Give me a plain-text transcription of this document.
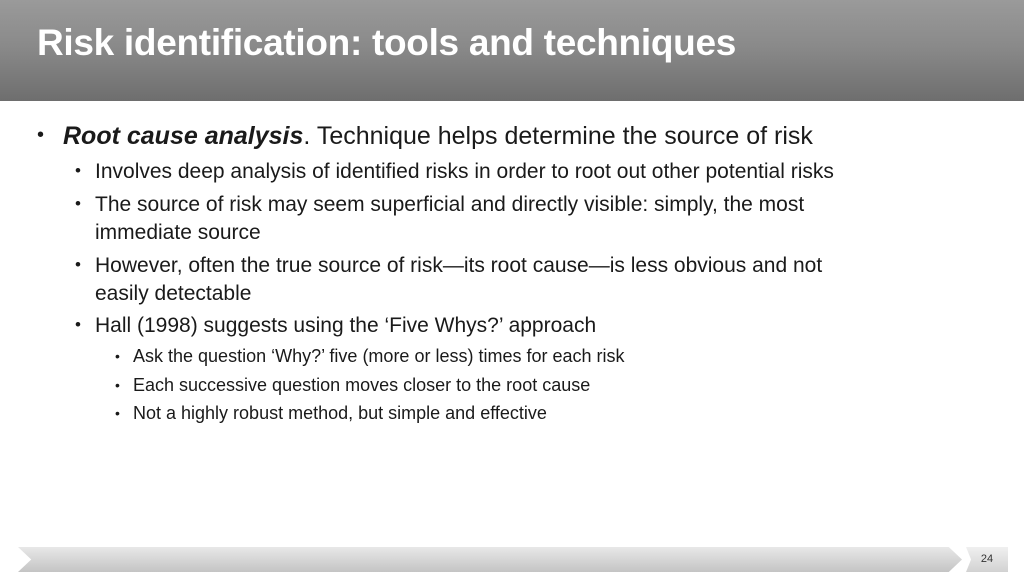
Risk identification: tools and techniques
• Root cause analysis. Technique helps determine the source of risk
• Involves deep analysis of identified risks in order to root out other potential risks
• The source of risk may seem superficial and directly visible: simply, the most
immediate source
• However, often the true source of risk—its root cause—is less obvious and not
easily detectable
• Hall (1998) suggests using the ‘Five Whys?’ approach
• Ask the question ‘Why?’ five (more or less) times for each risk
• Each successive question moves closer to the root cause
• Not a highly robust method, but simple and effective
24
